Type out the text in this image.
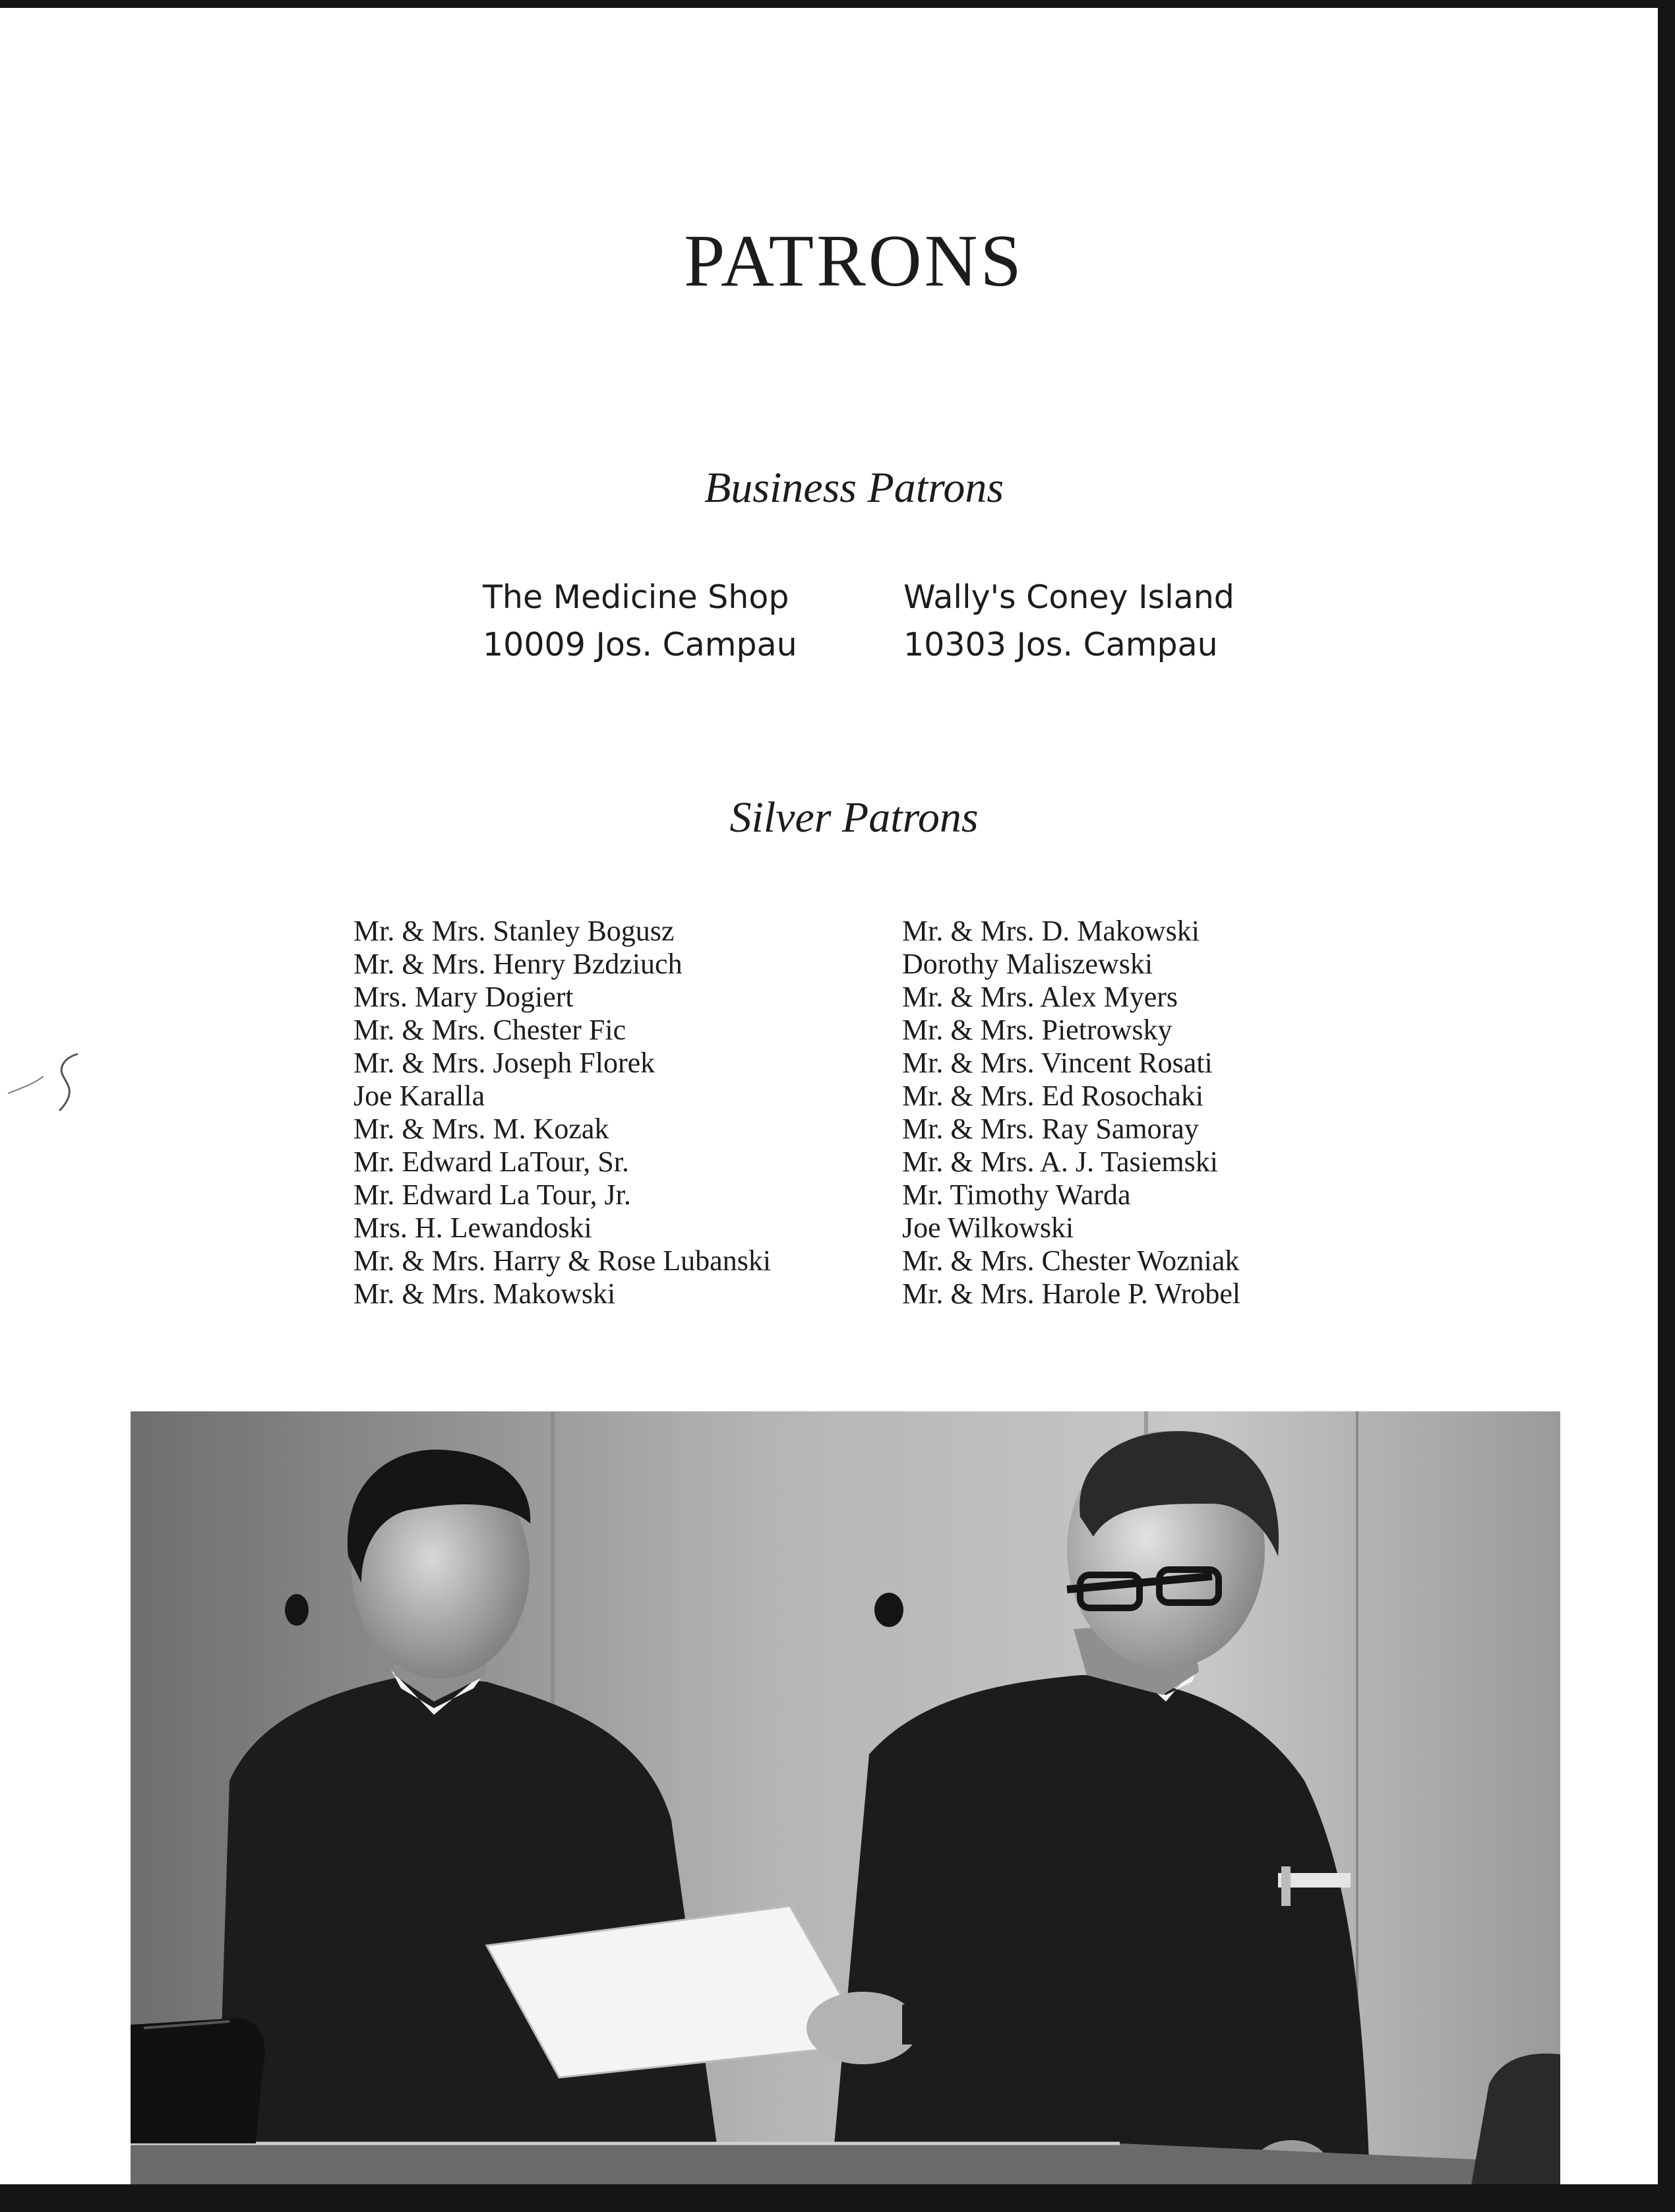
PATRONS
Business Patrons
The Medicine Shop
10009 Jos. Campau
Wally's Coney Island
10303 Jos. Campau
Silver Patrons
Mr. & Mrs. Stanley Bogusz
Mr. & Mrs. Henry Bzdziuch
Mrs. Mary Dogiert
Mr. & Mrs. Chester Fic
Mr. & Mrs. Joseph Florek
Joe Karalla
Mr. & Mrs. M. Kozak
Mr. Edward LaTour, Sr.
Mr. Edward La Tour, Jr.
Mrs. H. Lewandoski
Mr. & Mrs. Harry & Rose Lubanski
Mr. & Mrs. Makowski
Mr. & Mrs. D. Makowski
Dorothy Maliszewski
Mr. & Mrs. Alex Myers
Mr. & Mrs. Pietrowsky
Mr. & Mrs. Vincent Rosati
Mr. & Mrs. Ed Rosochaki
Mr. & Mrs. Ray Samoray
Mr. & Mrs. A. J. Tasiemski
Mr. Timothy Warda
Joe Wilkowski
Mr. & Mrs. Chester Wozniak
Mr. & Mrs. Harole P. Wrobel
